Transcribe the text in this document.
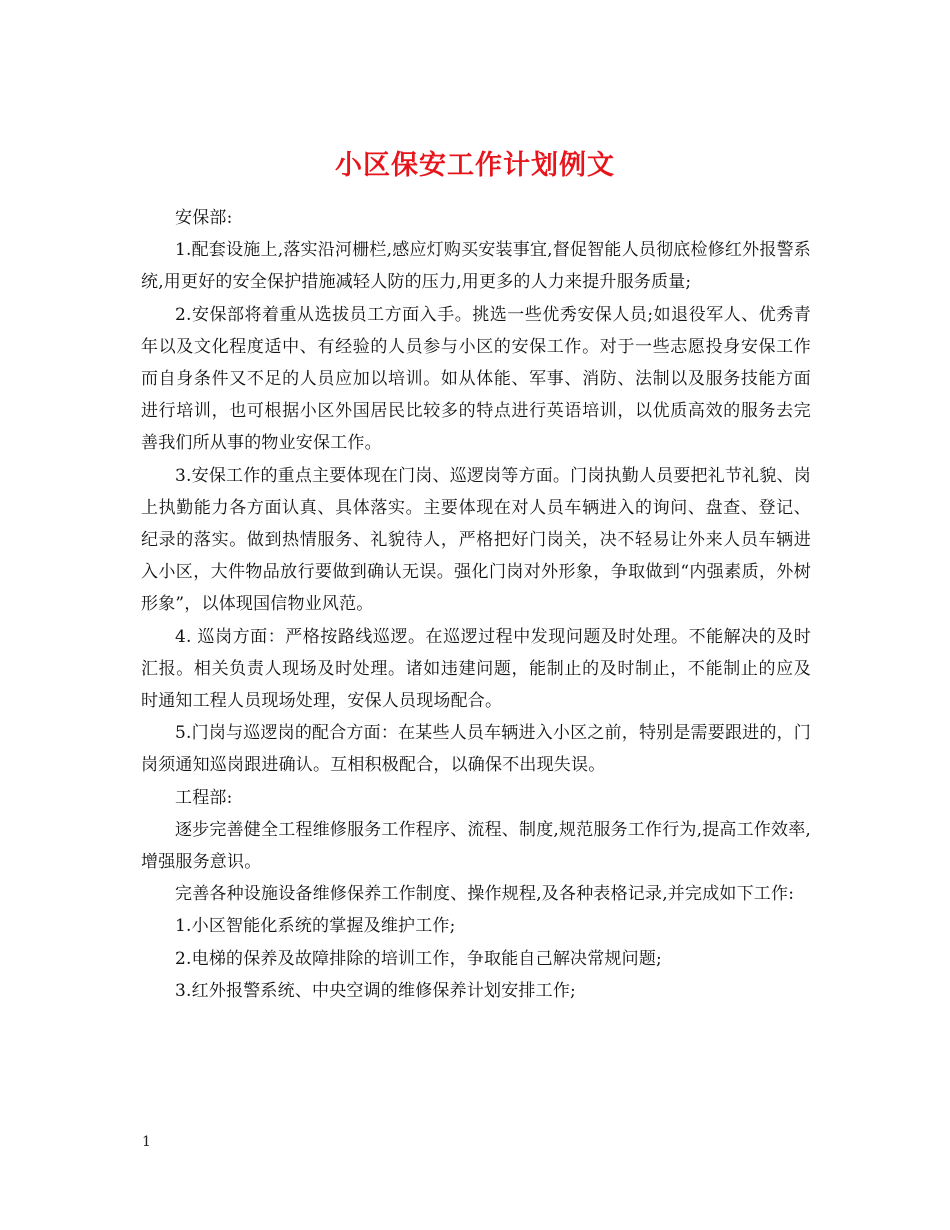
小区保安工作计划例文

安保部:

1.配套设施上,落实沿河栅栏,感应灯购买安装事宜,督促智能人员彻底检修红外报警系统,用更好的安全保护措施减轻人防的压力,用更多的人力来提升服务质量;

2.安保部将着重从选拔员工方面入手。挑选一些优秀安保人员;如退役军人、优秀青年以及文化程度适中、有经验的人员参与小区的安保工作。对于一些志愿投身安保工作而自身条件又不足的人员应加以培训。如从体能、军事、消防、法制以及服务技能方面进行培训，也可根据小区外国居民比较多的特点进行英语培训，以优质高效的服务去完善我们所从事的物业安保工作。

3.安保工作的重点主要体现在门岗、巡逻岗等方面。门岗执勤人员要把礼节礼貌、岗上执勤能力各方面认真、具体落实。主要体现在对人员车辆进入的询问、盘查、登记、纪录的落实。做到热情服务、礼貌待人，严格把好门岗关，决不轻易让外来人员车辆进入小区，大件物品放行要做到确认无误。强化门岗对外形象，争取做到“内强素质，外树形象”，以体现国信物业风范。

4. 巡岗方面：严格按路线巡逻。在巡逻过程中发现问题及时处理。不能解决的及时汇报。相关负责人现场及时处理。诸如违建问题，能制止的及时制止，不能制止的应及时通知工程人员现场处理，安保人员现场配合。

5.门岗与巡逻岗的配合方面：在某些人员车辆进入小区之前，特别是需要跟进的，门岗须通知巡岗跟进确认。互相积极配合，以确保不出现失误。

工程部:

逐步完善健全工程维修服务工作程序、流程、制度,规范服务工作行为,提高工作效率,增强服务意识。

完善各种设施设备维修保养工作制度、操作规程,及各种表格记录,并完成如下工作:

1.小区智能化系统的掌握及维护工作;

2.电梯的保养及故障排除的培训工作，争取能自己解决常规问题;

3.红外报警系统、中央空调的维修保养计划安排工作;

1
